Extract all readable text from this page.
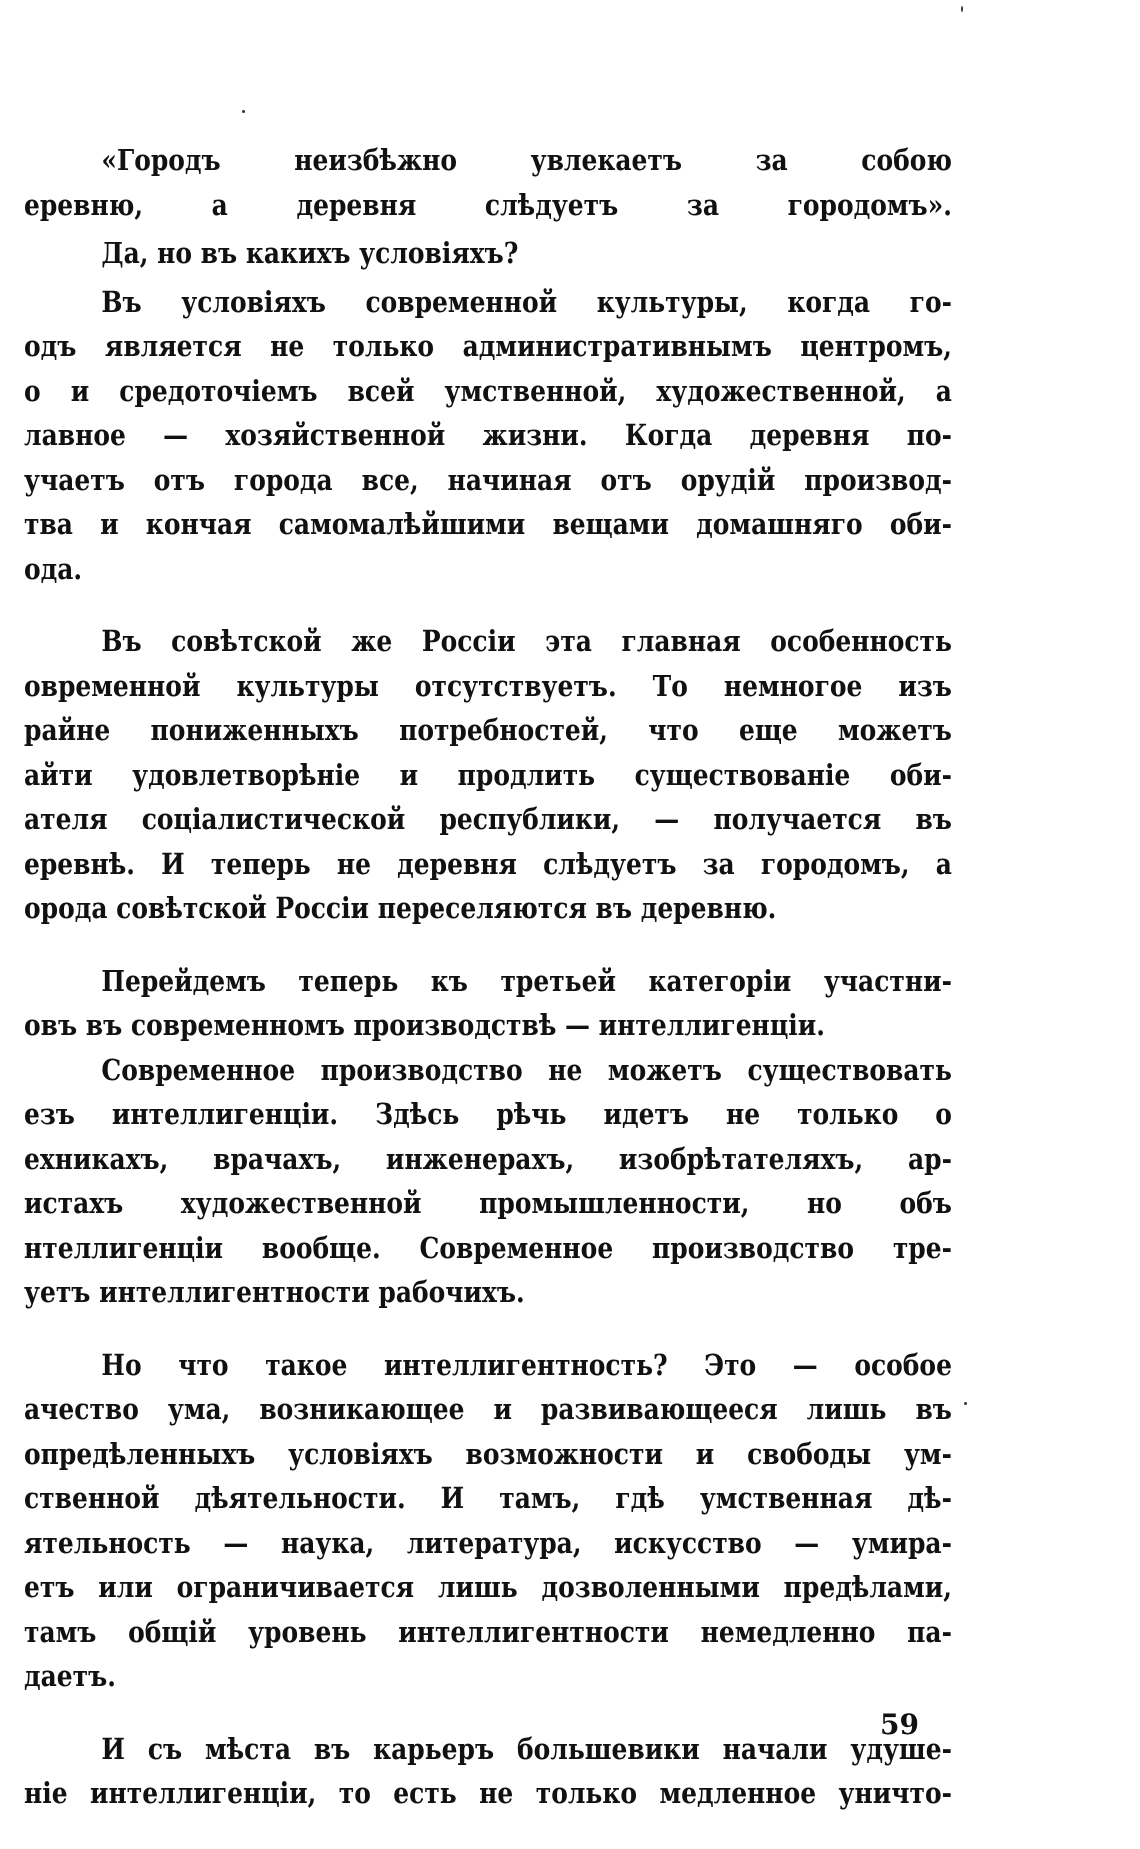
«Городъ неизбѣжно увлекаетъ за собою
еревню, а деревня слѣдуетъ за городомъ».
Да, но въ какихъ условіяхъ?
Въ условіяхъ современной культуры, когда го-
одъ является не только административнымъ центромъ,
о и средоточіемъ всей умственной, художественной, а
лавное — хозяйственной жизни. Когда деревня по-
учаетъ отъ города все, начиная отъ орудій производ-
тва и кончая самомалѣйшими вещами домашняго оби-
ода.
Въ совѣтской же Россіи эта главная особенность
овременной культуры отсутствуетъ. То немногое изъ
райне пониженныхъ потребностей, что еще можетъ
айти удовлетворѣніе и продлить существованіе оби-
ателя соціалистической республики, — получается въ
еревнѣ. И теперь не деревня слѣдуетъ за городомъ, а
орода совѣтской Россіи переселяются въ деревню.
Перейдемъ теперь къ третьей категоріи участни-
овъ въ современномъ производствѣ — интеллигенціи.
Современное производство не можетъ существовать
езъ интеллигенціи. Здѣсь рѣчь идетъ не только о
ехникахъ, врачахъ, инженерахъ, изобрѣтателяхъ, ар-
истахъ художественной промышленности, но объ
нтеллигенціи вообще. Современное производство тре-
уетъ интеллигентности рабочихъ.
Но что такое интеллигентность? Это — особое
ачество ума, возникающее и развивающееся лишь въ
опредѣленныхъ условіяхъ возможности и свободы ум-
ственной дѣятельности. И тамъ, гдѣ умственная дѣ-
ятельность — наука, литература, искусство — умира-
етъ или ограничивается лишь дозволенными предѣлами,
тамъ общій уровень интеллигентности немедленно па-
даетъ.
И съ мѣста въ карьеръ большевики начали удуше-
ніе интеллигенціи, то есть не только медленное уничто-
59
